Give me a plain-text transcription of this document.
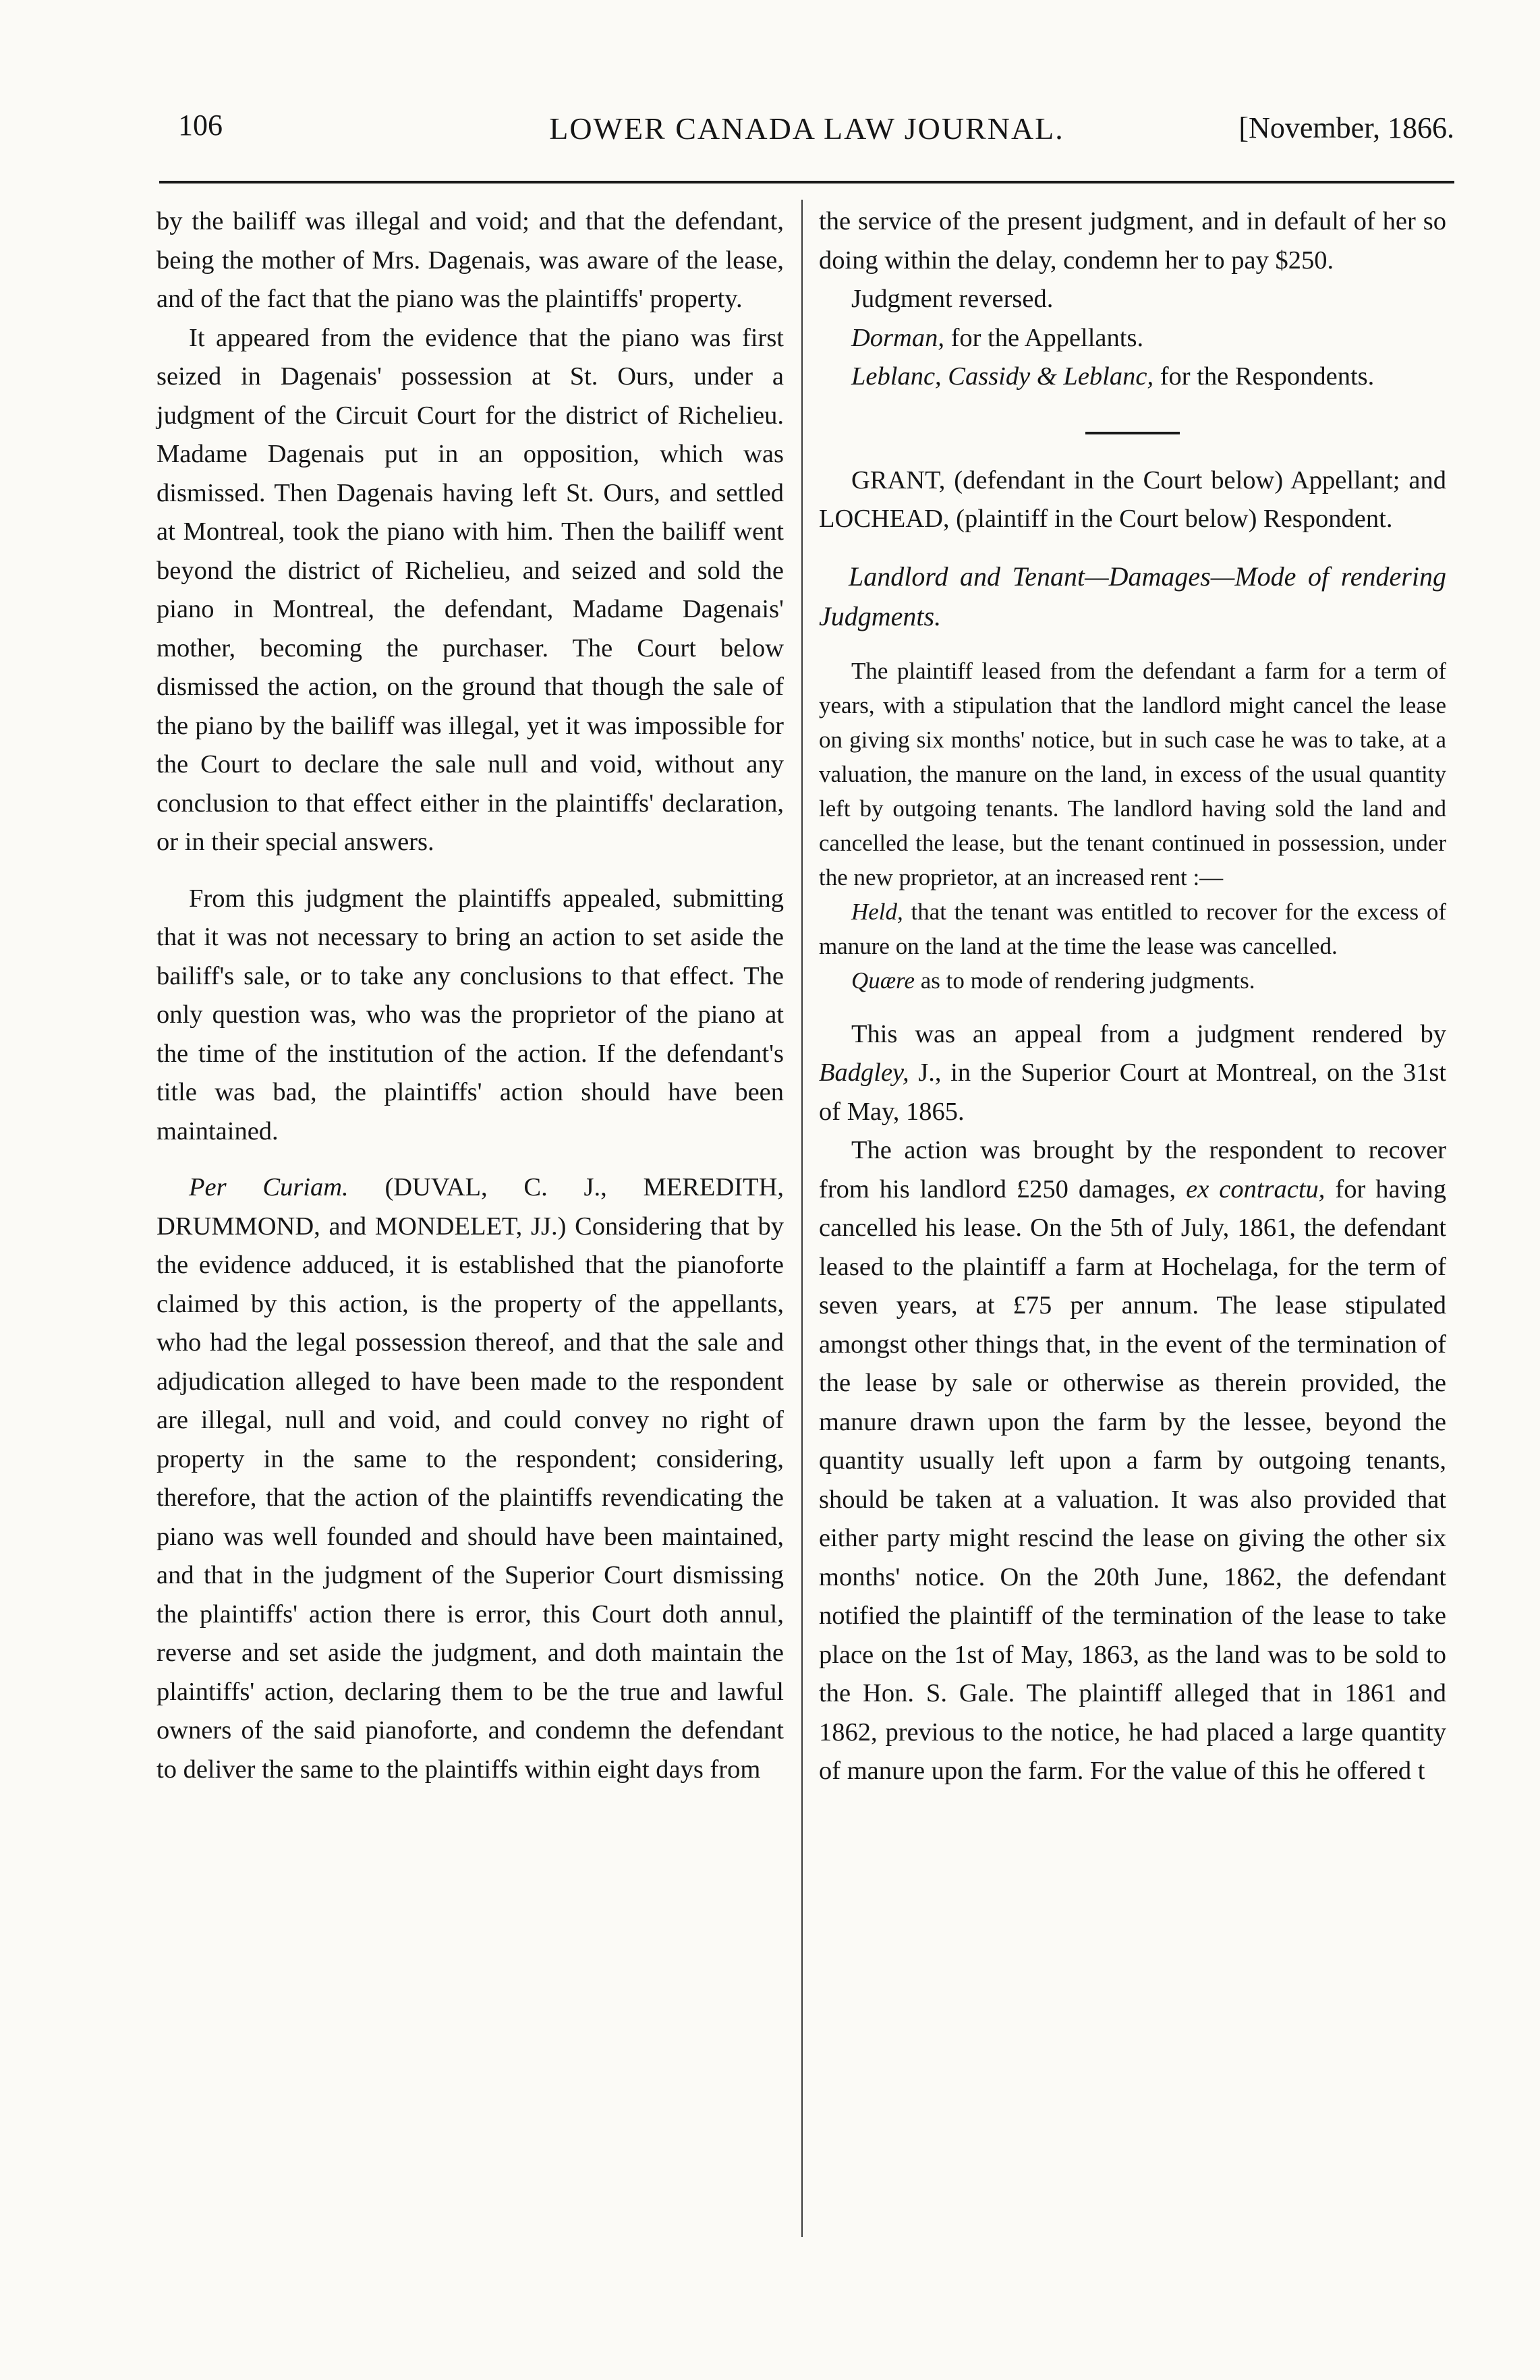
106	LOWER CANADA LAW JOURNAL.	[November, 1866.

by the bailiff was illegal and void; and that the defendant, being the mother of Mrs. Dagenais, was aware of the lease, and of the fact that the piano was the plaintiffs' property.

It appeared from the evidence that the piano was first seized in Dagenais' possession at St. Ours, under a judgment of the Circuit Court for the district of Richelieu. Madame Dagenais put in an opposition, which was dismissed. Then Dagenais having left St. Ours, and settled at Montreal, took the piano with him. Then the bailiff went beyond the district of Richelieu, and seized and sold the piano in Montreal, the defendant, Madame Dagenais' mother, becoming the purchaser. The Court below dismissed the action, on the ground that though the sale of the piano by the bailiff was illegal, yet it was impossible for the Court to declare the sale null and void, without any conclusion to that effect either in the plaintiffs' declaration, or in their special answers.

From this judgment the plaintiffs appealed, submitting that it was not necessary to bring an action to set aside the bailiff's sale, or to take any conclusions to that effect. The only question was, who was the proprietor of the piano at the time of the institution of the action. If the defendant's title was bad, the plaintiffs' action should have been maintained.

Per Curiam. (DUVAL, C. J., MEREDITH, DRUMMOND, and MONDELET, JJ.) Considering that by the evidence adduced, it is established that the pianoforte claimed by this action, is the property of the appellants, who had the legal possession thereof, and that the sale and adjudication alleged to have been made to the respondent are illegal, null and void, and could convey no right of property in the same to the respondent; considering, therefore, that the action of the plaintiffs revendicating the piano was well founded and should have been maintained, and that in the judgment of the Superior Court dismissing the plaintiffs' action there is error, this Court doth annul, reverse and set aside the judgment, and doth maintain the plaintiffs' action, declaring them to be the true and lawful owners of the said pianoforte, and condemn the defendant to deliver the same to the plaintiffs within eight days from

the service of the present judgment, and in default of her so doing within the delay, condemn her to pay $250.

Judgment reversed.

Dorman, for the Appellants.

Leblanc, Cassidy & Leblanc, for the Respondents.

GRANT, (defendant in the Court below) Appellant; and LOCHEAD, (plaintiff in the Court below) Respondent.

Landlord and Tenant—Damages—Mode of rendering Judgments.

The plaintiff leased from the defendant a farm for a term of years, with a stipulation that the landlord might cancel the lease on giving six months' notice, but in such case he was to take, at a valuation, the manure on the land, in excess of the usual quantity left by outgoing tenants. The landlord having sold the land and cancelled the lease, but the tenant continued in possession, under the new proprietor, at an increased rent :—

Held, that the tenant was entitled to recover for the excess of manure on the land at the time the lease was cancelled.

Quære as to mode of rendering judgments.

This was an appeal from a judgment rendered by Badgley, J., in the Superior Court at Montreal, on the 31st of May, 1865.

The action was brought by the respondent to recover from his landlord £250 damages, ex contractu, for having cancelled his lease. On the 5th of July, 1861, the defendant leased to the plaintiff a farm at Hochelaga, for the term of seven years, at £75 per annum. The lease stipulated amongst other things that, in the event of the termination of the lease by sale or otherwise as therein provided, the manure drawn upon the farm by the lessee, beyond the quantity usually left upon a farm by outgoing tenants, should be taken at a valuation. It was also provided that either party might rescind the lease on giving the other six months' notice. On the 20th June, 1862, the defendant notified the plaintiff of the termination of the lease to take place on the 1st of May, 1863, as the land was to be sold to the Hon. S. Gale. The plaintiff alleged that in 1861 and 1862, previous to the notice, he had placed a large quantity of manure upon the farm. For the value of this he offered t
